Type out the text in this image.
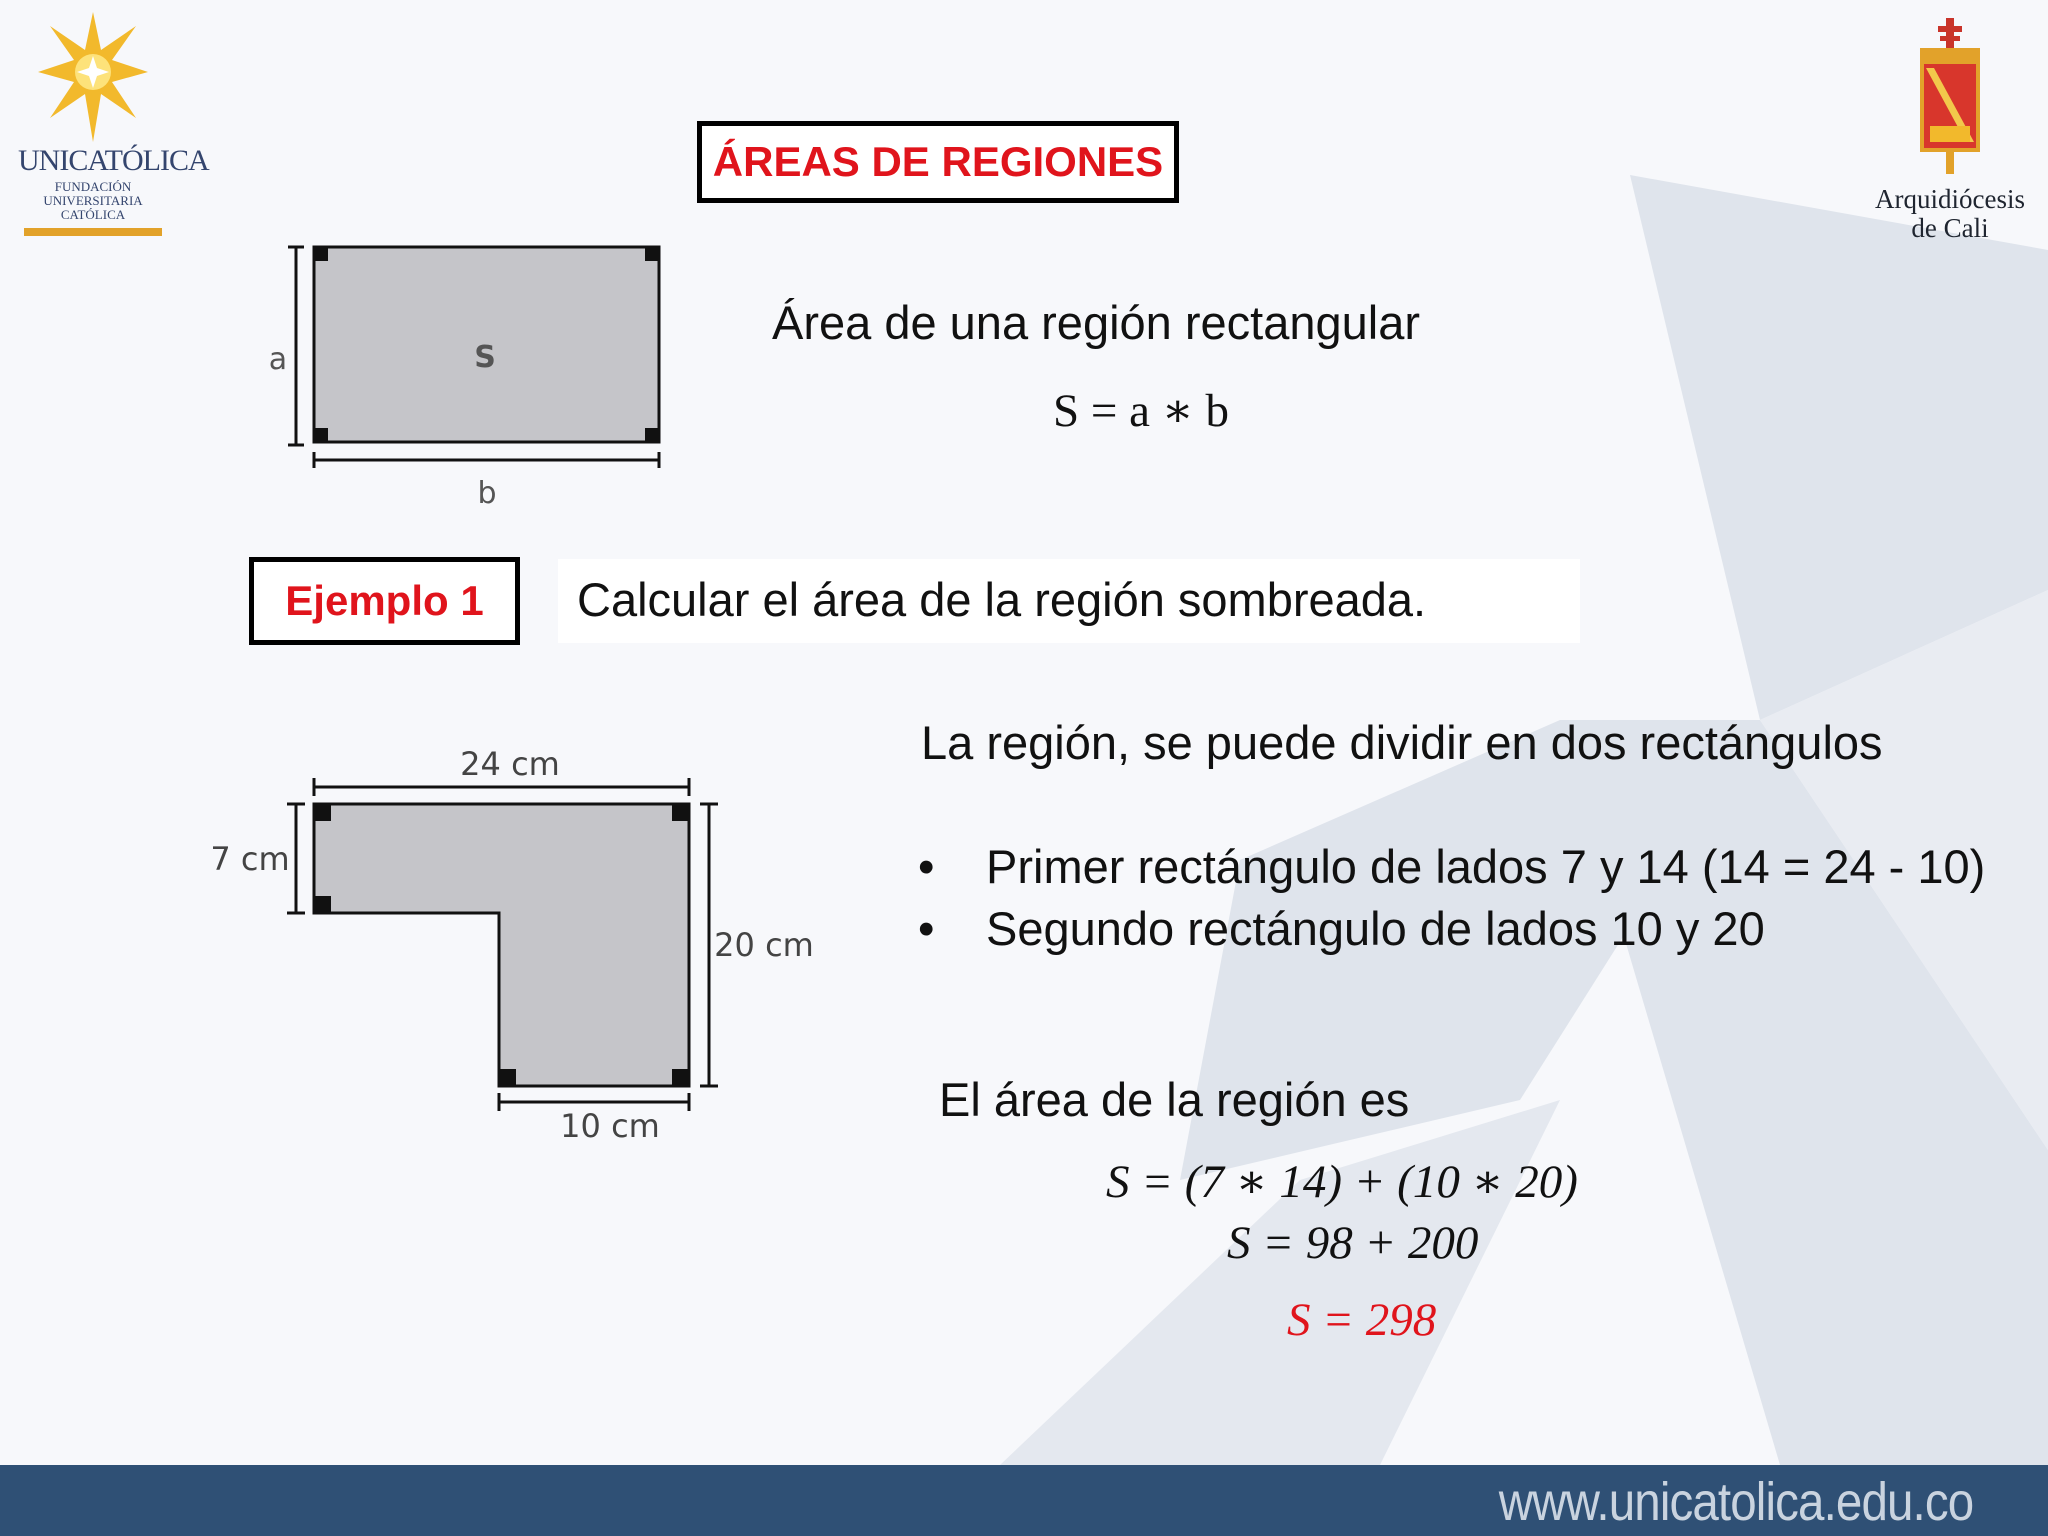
UNICATÓLICA
FUNDACIÓN
UNIVERSITARIA
CATÓLICA
Arquidiócesis
de Cali
ÁREAS DE REGIONES
a
b
S
Área de una región rectangular
S = a ∗ b
Ejemplo 1 Calcular el área de la región sombreada.
24 cm
7 cm
20 cm
10 cm
La región, se puede dividir en dos rectángulos
• Primer rectángulo de lados 7 y 14 (14 = 24 - 10)
• Segundo rectángulo de lados 10 y 20
El área de la región es
S = (7 ∗ 14) + (10 ∗ 20)
S = 98 + 200
S = 298
www.unicatolica.edu.co
